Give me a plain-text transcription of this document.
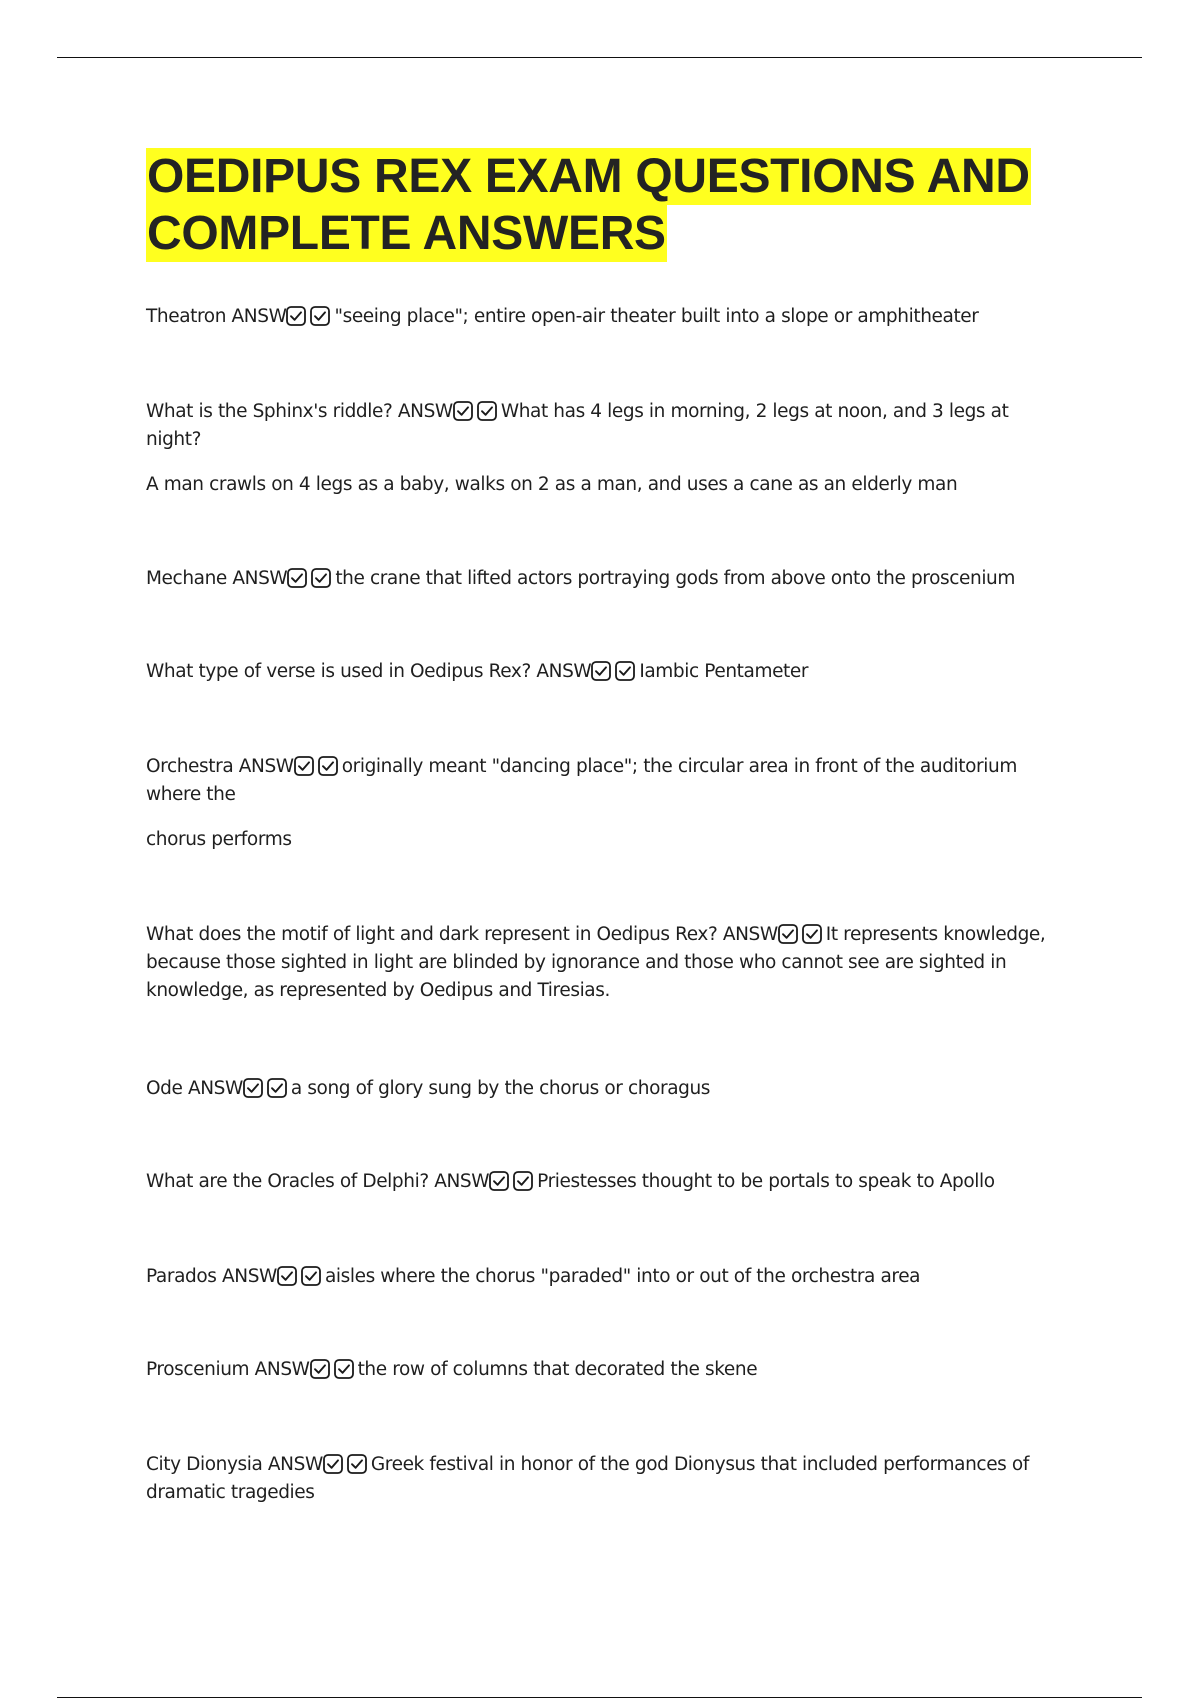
OEDIPUS REX EXAM QUESTIONS AND
COMPLETE ANSWERS
Theatron ANSW	"seeing place"; entire open-air theater built into a slope or amphitheater
What is the Sphinx's riddle? ANSW	What has 4 legs in morning, 2 legs at noon, and 3 legs at night?
A man crawls on 4 legs as a baby, walks on 2 as a man, and uses a cane as an elderly man
Mechane ANSW	the crane that lifted actors portraying gods from above onto the proscenium
What type of verse is used in Oedipus Rex? ANSW	Iambic Pentameter
Orchestra ANSW	originally meant "dancing place"; the circular area in front of the auditorium where the
chorus performs
What does the motif of light and dark represent in Oedipus Rex? ANSW	It represents knowledge, because those sighted in light are blinded by ignorance and those who cannot see are sighted in knowledge, as represented by Oedipus and Tiresias.
Ode ANSW	a song of glory sung by the chorus or choragus
What are the Oracles of Delphi? ANSW	Priestesses thought to be portals to speak to Apollo
Parados ANSW	aisles where the chorus "paraded" into or out of the orchestra area
Proscenium ANSW	the row of columns that decorated the skene
City Dionysia ANSW	Greek festival in honor of the god Dionysus that included performances of dramatic tragedies
